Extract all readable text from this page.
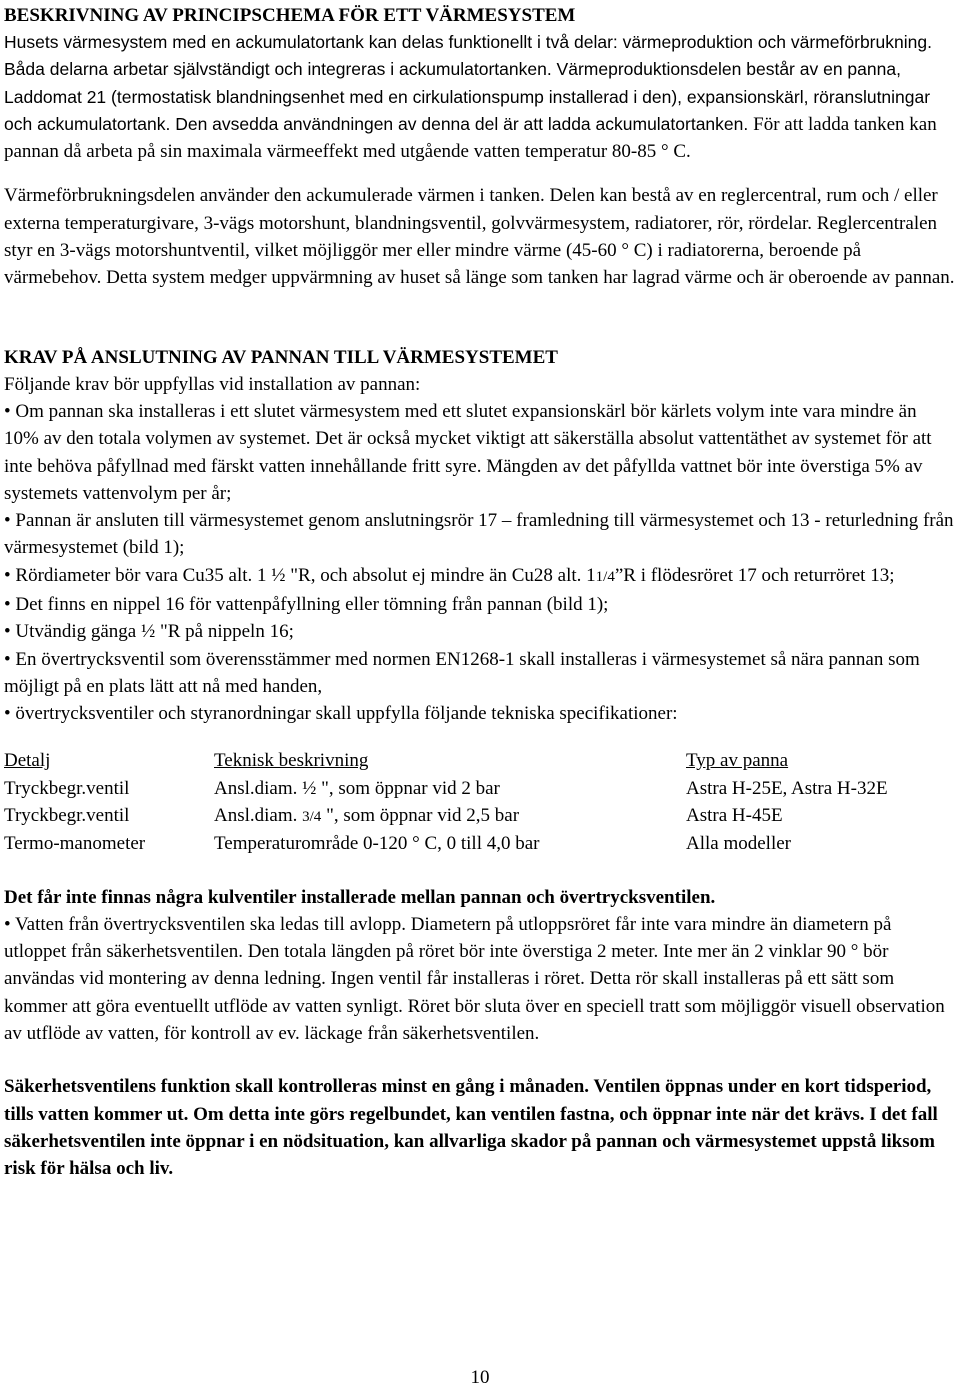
BESKRIVNING AV PRINCIPSCHEMA FÖR ETT VÄRMESYSTEM

Husets värmesystem med en ackumulatortank kan delas funktionellt i två delar: värmeproduktion och värmeförbrukning. Båda delarna arbetar självständigt och integreras i ackumulatortanken. Värmeproduktionsdelen består av en panna, Laddomat 21 (termostatisk blandningsenhet med en cirkulationspump installerad i den), expansionskärl, röranslutningar och ackumulatortank. Den avsedda användningen av denna del är att ladda ackumulatortanken. För att ladda tanken kan pannan då arbeta på sin maximala värmeeffekt med utgående vatten temperatur 80-85 ° C.

Värmeförbrukningsdelen använder den ackumulerade värmen i tanken. Delen kan bestå av en reglercentral, rum och / eller externa temperaturgivare, 3-vägs motorshunt, blandningsventil, golvvärmesystem, radiatorer, rör, rördelar. Reglercentralen styr en 3-vägs motorshuntventil, vilket möjliggör mer eller mindre värme (45-60 ° C) i radiatorerna, beroende på värmebehov. Detta system medger uppvärmning av huset så länge som tanken har lagrad värme och är oberoende av pannan.

KRAV PÅ ANSLUTNING AV PANNAN TILL VÄRMESYSTEMET

Följande krav bör uppfyllas vid installation av pannan:

• Om pannan ska installeras i ett slutet värmesystem med ett slutet expansionskärl bör kärlets volym inte vara mindre än 10% av den totala volymen av systemet. Det är också mycket viktigt att säkerställa absolut vattentäthet av systemet för att inte behöva påfyllnad med färskt vatten innehållande fritt syre. Mängden av det påfyllda vattnet bör inte överstiga 5% av systemets vattenvolym per år;
• Pannan är ansluten till värmesystemet genom anslutningsrör 17 – framledning till värmesystemet och 13 - returledning från värmesystemet (bild 1);
• Rördiameter bör vara Cu35 alt. 1 ½ "R, och absolut ej mindre än Cu28 alt. 11/4”R i flödesröret 17 och returröret 13;
• Det finns en nippel 16 för vattenpåfyllning eller tömning från pannan (bild 1);
• Utvändig gänga ½ "R på nippeln 16;
• En övertrycksventil som överensstämmer med normen EN1268-1 skall installeras i värmesystemet så nära pannan som möjligt på en plats lätt att nå med handen,
• övertrycksventiler och styranordningar skall uppfylla följande tekniska specifikationer:
Detalj	Teknisk beskrivning	Typ av panna
Tryckbegr.ventil	Ansl.diam. ½ ", som öppnar vid 2 bar	Astra H-25E, Astra H-32E
Tryckbegr.ventil	Ansl.diam. 3/4 ", som öppnar vid 2,5 bar	Astra H-45E
Termo-manometer	Temperaturområde 0-120 ° C, 0 till 4,0 bar	Alla modeller

Det får inte finnas några kulventiler installerade mellan pannan och övertrycksventilen.

• Vatten från övertrycksventilen ska ledas till avlopp. Diametern på utloppsröret får inte vara mindre än diametern på utloppet från säkerhetsventilen. Den totala längden på röret bör inte överstiga 2 meter. Inte mer än 2 vinklar 90 ° bör användas vid montering av denna ledning. Ingen ventil får installeras i röret. Detta rör skall installeras på ett sätt som kommer att göra eventuellt utflöde av vatten synligt. Röret bör sluta över en speciell tratt som möjliggör visuell observation av utflöde av vatten, för kontroll av ev. läckage från säkerhetsventilen.

Säkerhetsventilens funktion skall kontrolleras minst en gång i månaden. Ventilen öppnas under en kort tidsperiod, tills vatten kommer ut. Om detta inte görs regelbundet, kan ventilen fastna, och öppnar inte när det krävs. I det fall säkerhetsventilen inte öppnar i en nödsituation, kan allvarliga skador på pannan och värmesystemet uppstå liksom risk för hälsa och liv.

10
